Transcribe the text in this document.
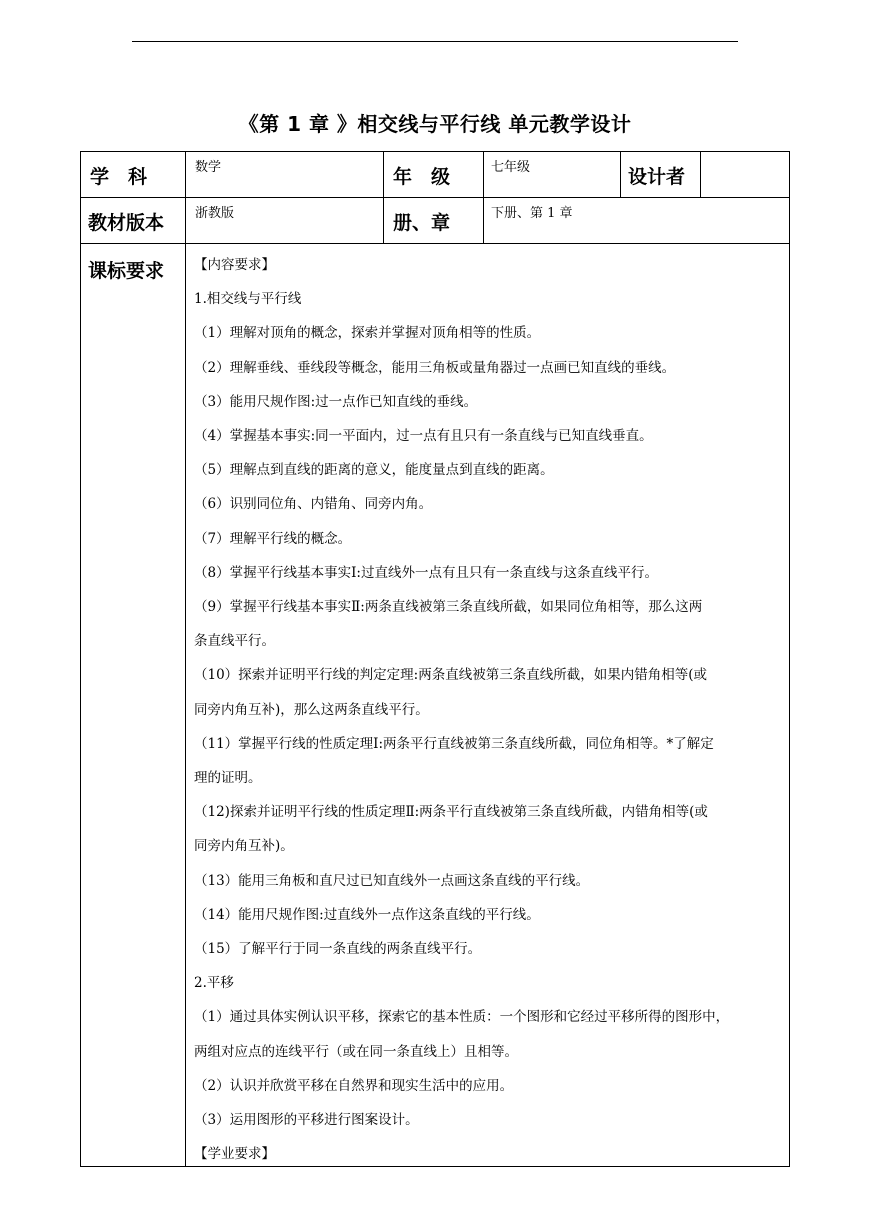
《第 1 章 》相交线与平行线 单元教学设计
学　科	数学	年　级	七年级	设计者
教材版本 浙教版	册、章	下册、第 1 章
课标要求 【内容要求】

1.相交线与平行线

（1）理解对顶角的概念，探索并掌握对顶角相等的性质。

（2）理解垂线、垂线段等概念，能用三角板或量角器过一点画已知直线的垂线。

（3）能用尺规作图:过一点作已知直线的垂线。

（4）掌握基本事实:同一平面内，过一点有且只有一条直线与已知直线垂直。

（5）理解点到直线的距离的意义，能度量点到直线的距离。

（6）识别同位角、内错角、同旁内角。

（7）理解平行线的概念。

（8）掌握平行线基本事实Ⅰ:过直线外一点有且只有一条直线与这条直线平行。

（9）掌握平行线基本事实Ⅱ:两条直线被第三条直线所截，如果同位角相等，那么这两

条直线平行。

（10）探索并证明平行线的判定定理:两条直线被第三条直线所截，如果内错角相等(或

同旁内角互补)，那么这两条直线平行。

（11）掌握平行线的性质定理Ⅰ:两条平行直线被第三条直线所截，同位角相等。*了解定

理的证明。

（12)探索并证明平行线的性质定理Ⅱ:两条平行直线被第三条直线所截，内错角相等(或

同旁内角互补)。

（13）能用三角板和直尺过已知直线外一点画这条直线的平行线。

（14）能用尺规作图:过直线外一点作这条直线的平行线。

（15）了解平行于同一条直线的两条直线平行。

2.平移

（1）通过具体实例认识平移，探索它的基本性质：一个图形和它经过平移所得的图形中，

两组对应点的连线平行（或在同一条直线上）且相等。

（2）认识并欣赏平移在自然界和现实生活中的应用。

（3）运用图形的平移进行图案设计。

【学业要求】
